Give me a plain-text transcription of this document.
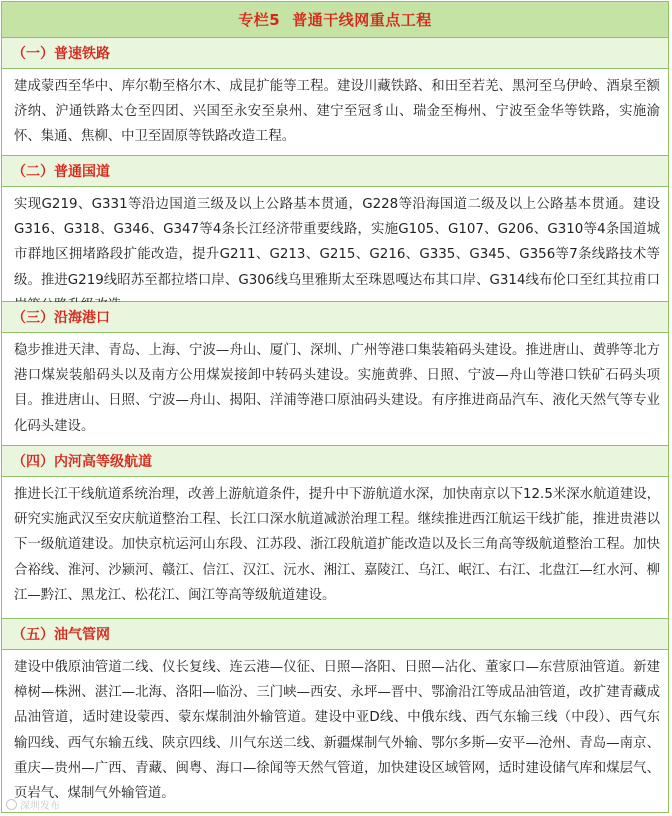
专栏5 普通干线网重点工程
（一）普速铁路
建成蒙西至华中、库尔勒至格尔木、成昆扩能等工程。建设川藏铁路、和田至若羌、黑河至乌伊岭、酒泉至额济纳、沪通铁路太仓至四团、兴国至永安至泉州、建宁至冠豸山、瑞金至梅州、宁波至金华等铁路，实施渝怀、集通、焦柳、中卫至固原等铁路改造工程。
（二）普通国道
实现G219、G331等沿边国道三级及以上公路基本贯通，G228等沿海国道二级及以上公路基本贯通。建设G316、G318、G346、G347等4条长江经济带重要线路，实施G105、G107、G206、G310等4条国道城市群地区拥堵路段扩能改造，提升G211、G213、G215、G216、G335、G345、G356等7条线路技术等级。推进G219线昭苏至都拉塔口岸、G306线乌里雅斯太至珠恩嘎达布其口岸、G314线布伦口至红其拉甫口
（三）沿海港口
稳步推进天津、青岛、上海、宁波—舟山、厦门、深圳、广州等港口集装箱码头建设。推进唐山、黄骅等北方港口煤炭装船码头以及南方公用煤炭接卸中转码头建设。实施黄骅、日照、宁波—舟山等港口铁矿石码头项目。推进唐山、日照、宁波—舟山、揭阳、洋浦等港口原油码头建设。有序推进商品汽车、液化天然气等专业化码头建设。
（四）内河高等级航道
推进长江干线航道系统治理，改善上游航道条件，提升中下游航道水深，加快南京以下12.5米深水航道建设，研究实施武汉至安庆航道整治工程、长江口深水航道减淤治理工程。继续推进西江航运干线扩能，推进贵港以下一级航道建设。加快京杭运河山东段、江苏段、浙江段航道扩能改造以及长三角高等级航道整治工程。加快合裕线、淮河、沙颍河、赣江、信江、汉江、沅水、湘江、嘉陵江、乌江、岷江、右江、北盘江—红水河、柳江—黔江、黑龙江、松花江、闽江等高等级航道建设。
（五）油气管网
建设中俄原油管道二线、仪长复线、连云港—仪征、日照—洛阳、日照—沾化、董家口—东营原油管道。新建樟树—株洲、湛江—北海、洛阳—临汾、三门峡—西安、永坪—晋中、鄂渝沿江等成品油管道，改扩建青藏成品油管道，适时建设蒙西、蒙东煤制油外输管道。建设中亚D线、中俄东线、西气东输三线（中段）、西气东输四线、西气东输五线、陕京四线、川气东送二线、新疆煤制气外输、鄂尔多斯—安平—沧州、青岛—南京、重庆—贵州—广西、青藏、闽粤、海口—徐闻等天然气管道，加快建设区域管网，适时建设储气库和煤层气、页岩气、煤制气外输管道。
深圳发布
